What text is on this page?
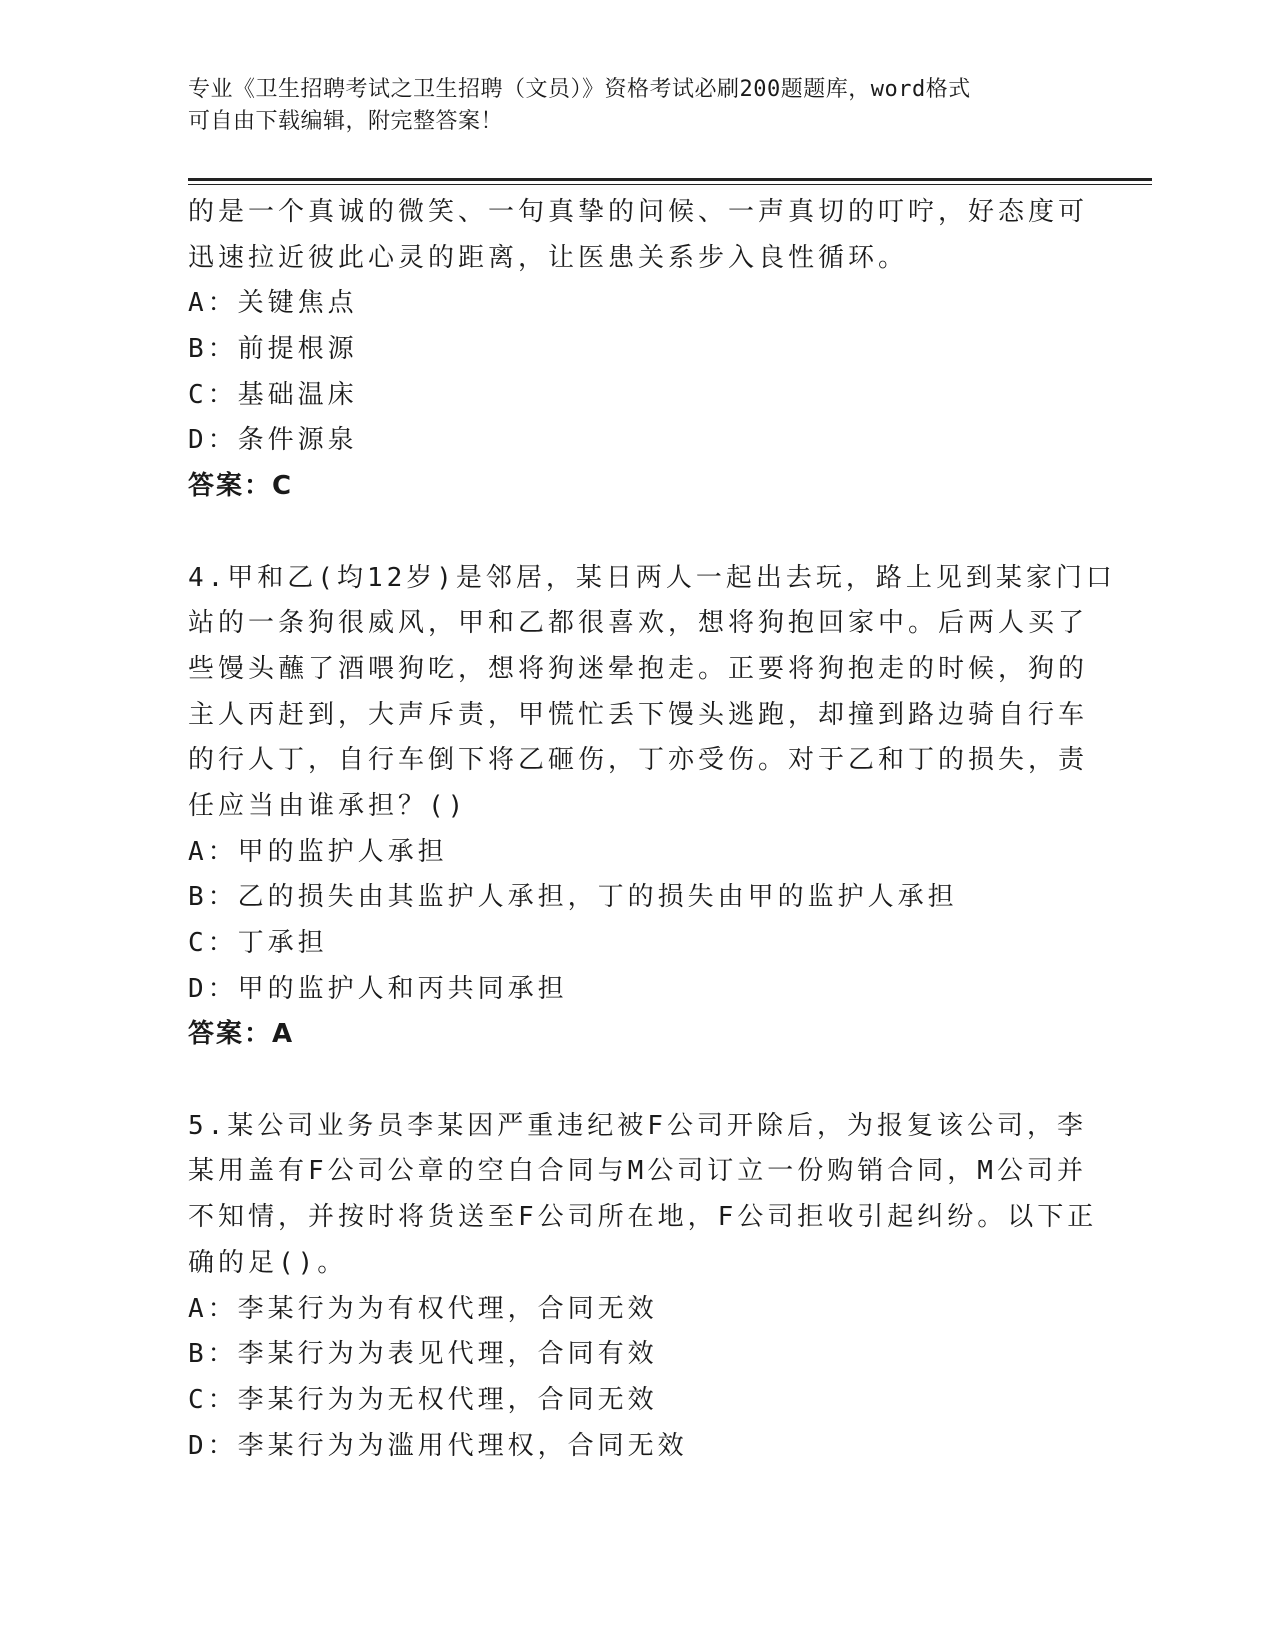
专业《卫生招聘考试之卫生招聘（文员）》资格考试必刷200题题库，word格式
可自由下载编辑，附完整答案！
的是一个真诚的微笑、一句真挚的问候、一声真切的叮咛，好态度可
迅速拉近彼此心灵的距离，让医患关系步入良性循环。
A：关键焦点
B：前提根源
C：基础温床
D：条件源泉
答案：C
4.甲和乙(均12岁)是邻居，某日两人一起出去玩，路上见到某家门口
站的一条狗很威风，甲和乙都很喜欢，想将狗抱回家中。后两人买了
些馒头蘸了酒喂狗吃，想将狗迷晕抱走。正要将狗抱走的时候，狗的
主人丙赶到，大声斥责，甲慌忙丢下馒头逃跑，却撞到路边骑自行车
的行人丁，自行车倒下将乙砸伤，丁亦受伤。对于乙和丁的损失，责
任应当由谁承担？()
A：甲的监护人承担
B：乙的损失由其监护人承担，丁的损失由甲的监护人承担
C：丁承担
D：甲的监护人和丙共同承担
答案：A
5.某公司业务员李某因严重违纪被F公司开除后，为报复该公司，李
某用盖有F公司公章的空白合同与M公司订立一份购销合同，M公司并
不知情，并按时将货送至F公司所在地，F公司拒收引起纠纷。以下正
确的足()。
A：李某行为为有权代理，合同无效
B：李某行为为表见代理，合同有效
C：李某行为为无权代理，合同无效
D：李某行为为滥用代理权，合同无效
